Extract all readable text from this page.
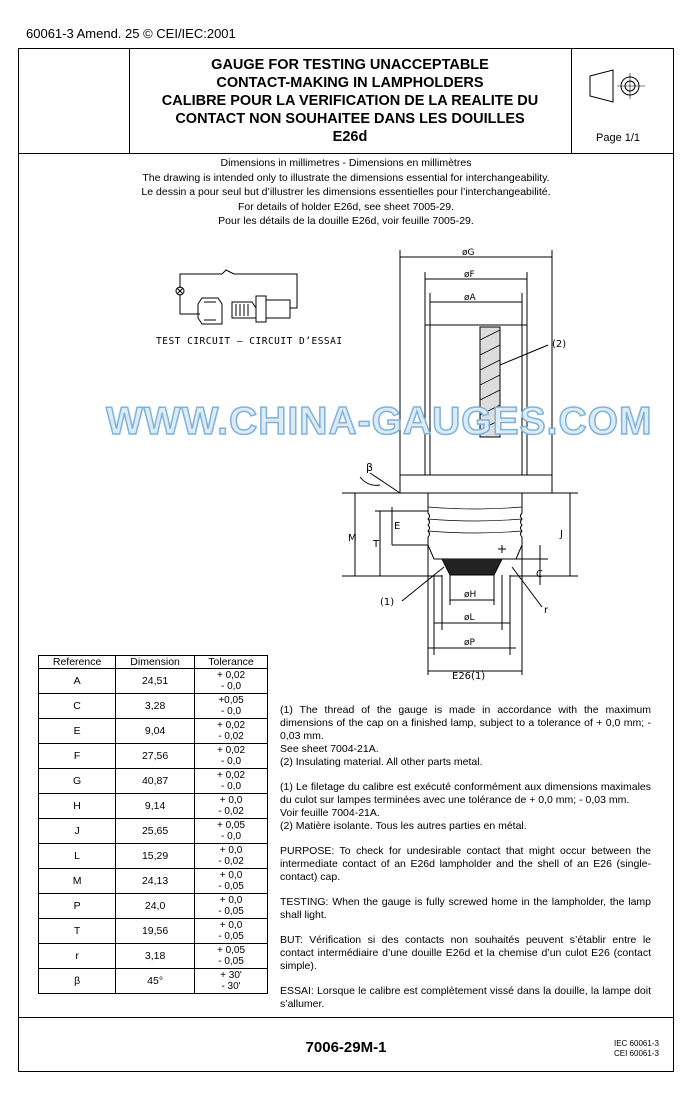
60061-3 Amend. 25 © CEI/IEC:2001
GAUGE FOR TESTING UNACCEPTABLE
CONTACT-MAKING IN LAMPHOLDERS
CALIBRE POUR LA VERIFICATION DE LA REALITE DU
CONTACT NON SOUHAITEE DANS LES DOUILLES
E26d	Page 1/1
Dimensions in millimetres - Dimensions en millimètres
The drawing is intended only to illustrate the dimensions essential for interchangeability.
Le dessin a pour seul but d’illustrer les dimensions essentielles pour l’interchangeabilité.
For details of holder E26d, see sheet 7005-29.
Pour les détails de la douille E26d, voir feuille 7005-29.
TEST CIRCUIT – CIRCUIT D’ESSAI
øG
øF
øA
(2)
β
M
T
E
J
C
(1)
r
øH
øL
øP
E26(1)
WWW.CHINA-GAUGES.COM
Reference	Dimension	Tolerance
A	24,51	+ 0,02
- 0,0

C	3,28	+0,05
- 0,0

E	9,04	+ 0,02
- 0,02

F	27,56	+ 0,02
- 0,0

G	40,87	+ 0,02
- 0,0

H	9,14	+ 0,0
- 0,02

J	25,65	+ 0,05
- 0,0

L	15,29	+ 0,0
- 0,02

M	24,13	+ 0,0
- 0,05

P	24,0	+ 0,0
- 0,05

T	19,56	+ 0,0
- 0,05

r	3,18	+ 0,05
- 0,05

β	45°	+ 30'
- 30'

(1) The thread of the gauge is made in accordance with the maximum dimensions of the cap on a finished lamp, subject to a tolerance of + 0,0 mm; - 0,03 mm.
See sheet 7004-21A.
(2) Insulating material. All other parts metal.

(1) Le filetage du calibre est exécuté conformément aux dimensions maximales du culot sur lampes terminées avec une tolérance de + 0,0 mm; - 0,03 mm.
Voir feuille 7004-21A.
(2) Matière isolante. Tous les autres parties en métal.

PURPOSE: To check for undesirable contact that might occur between the intermediate contact of an E26d lampholder and the shell of an E26 (single-contact) cap.

TESTING: When the gauge is fully screwed home in the lampholder, the lamp shall light.

BUT: Vérification si des contacts non souhaités peuvent s’établir entre le contact intermédiaire d’une douille E26d et la chemise d’un culot E26 (contact simple).

ESSAI: Lorsque le calibre est complètement vissé dans la douille, la lampe doit s’allumer.

7006-29M-1	IEC 60061-3
CEI 60061-3
